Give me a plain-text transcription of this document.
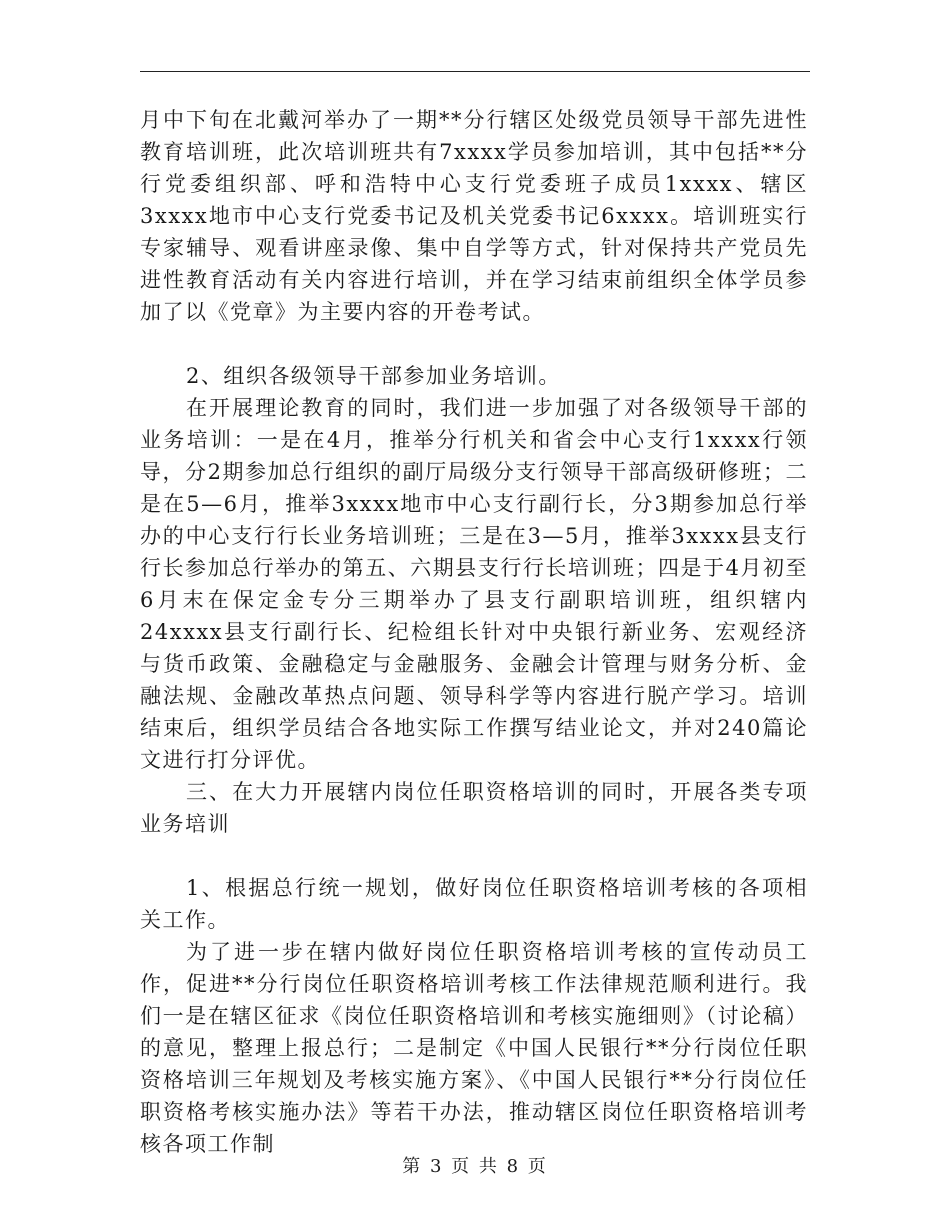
月中下旬在北戴河举办了一期**分行辖区处级党员领导干部先进性教育培训班，此次培训班共有7xxxx学员参加培训，其中包括**分行党委组织部、呼和浩特中心支行党委班子成员1xxxx、辖区3xxxx地市中心支行党委书记及机关党委书记6xxxx。培训班实行专家辅导、观看讲座录像、集中自学等方式，针对保持共产党员先进性教育活动有关内容进行培训，并在学习结束前组织全体学员参加了以《党章》为主要内容的开卷考试。

2、组织各级领导干部参加业务培训。

在开展理论教育的同时，我们进一步加强了对各级领导干部的业务培训：一是在4月，推举分行机关和省会中心支行1xxxx行领导，分2期参加总行组织的副厅局级分支行领导干部高级研修班；二是在5—6月，推举3xxxx地市中心支行副行长，分3期参加总行举办的中心支行行长业务培训班；三是在3—5月，推举3xxxx县支行行长参加总行举办的第五、六期县支行行长培训班；四是于4月初至6月末在保定金专分三期举办了县支行副职培训班，组织辖内24xxxx县支行副行长、纪检组长针对中央银行新业务、宏观经济与货币政策、金融稳定与金融服务、金融会计管理与财务分析、金融法规、金融改革热点问题、领导科学等内容进行脱产学习。培训结束后，组织学员结合各地实际工作撰写结业论文，并对240篇论文进行打分评优。

三、在大力开展辖内岗位任职资格培训的同时，开展各类专项业务培训

1、根据总行统一规划，做好岗位任职资格培训考核的各项相关工作。

为了进一步在辖内做好岗位任职资格培训考核的宣传动员工作，促进**分行岗位任职资格培训考核工作法律规范顺利进行。我们一是在辖区征求《岗位任职资格培训和考核实施细则》（讨论稿）的意见，整理上报总行；二是制定《中国人民银行**分行岗位任职资格培训三年规划及考核实施方案》、《中国人民银行**分行岗位任职资格考核实施办法》等若干办法，推动辖区岗位任职资格培训考核各项工作制

第 3 页 共 8 页
